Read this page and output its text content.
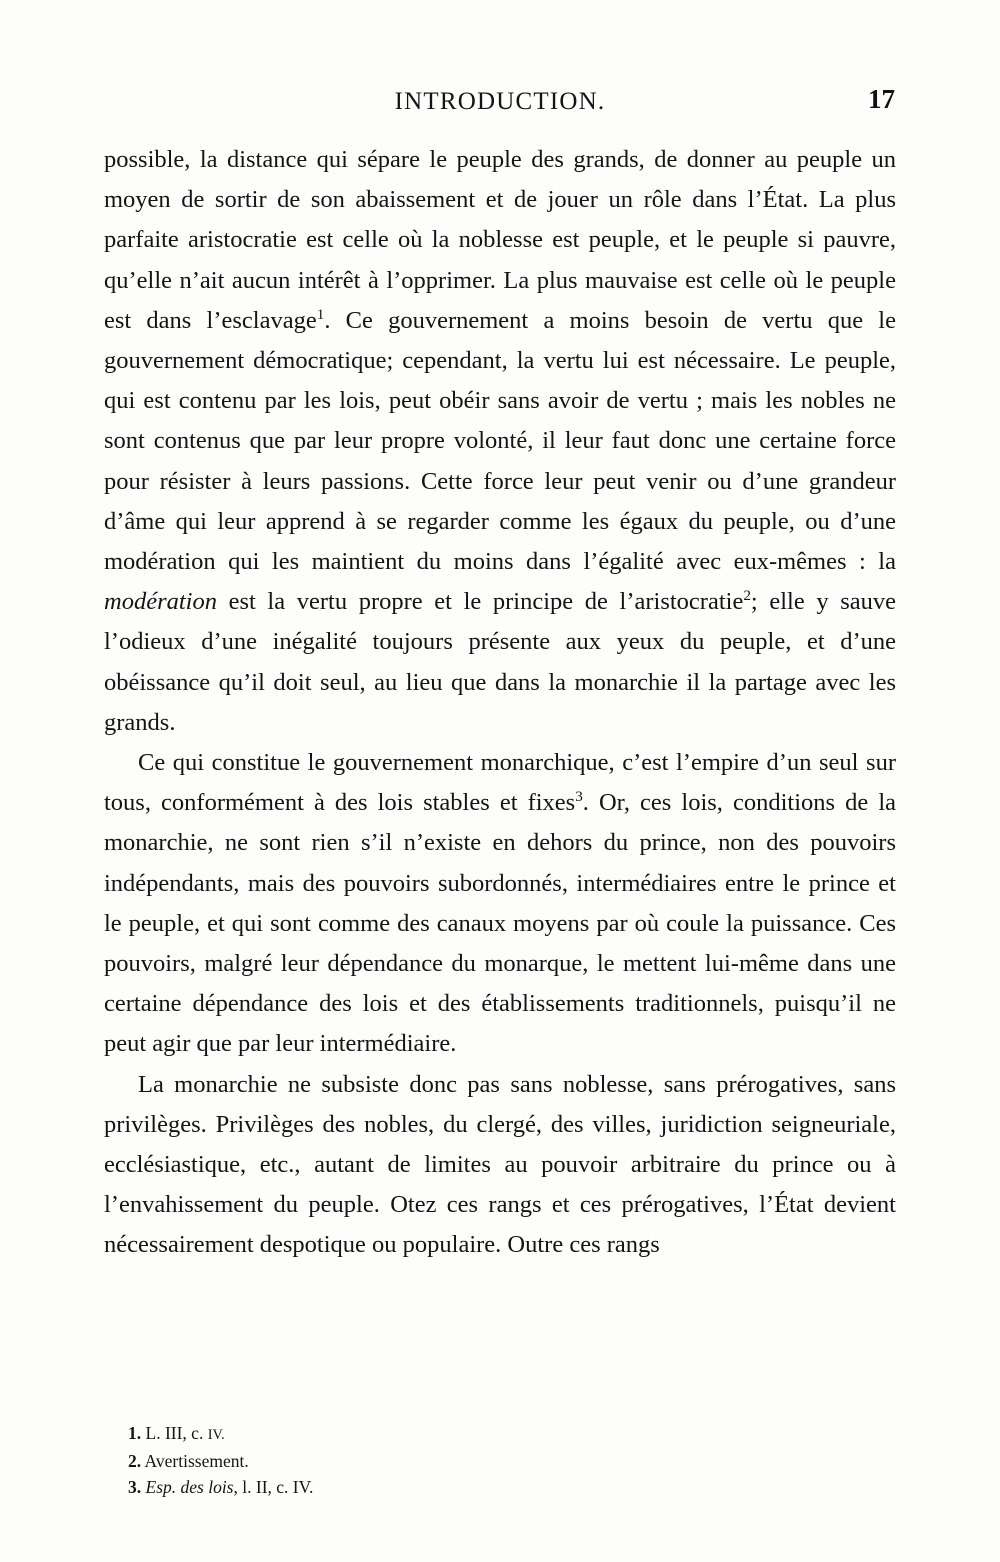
INTRODUCTION.	17

possible, la distance qui sépare le peuple des grands, de donner au peuple un moyen de sortir de son abaissement et de jouer un rôle dans l’État. La plus parfaite aristocratie est celle où la noblesse est peuple, et le peuple si pauvre, qu’elle n’ait aucun intérêt à l’opprimer. La plus mauvaise est celle où le peuple est dans l’esclavage$^1$. Ce gouvernement a moins besoin de vertu que le gouvernement démocratique; cependant, la vertu lui est nécessaire. Le peuple, qui est contenu par les lois, peut obéir sans avoir de vertu ; mais les nobles ne sont contenus que par leur propre volonté, il leur faut donc une certaine force pour résister à leurs passions. Cette force leur peut venir ou d’une grandeur d’âme qui leur apprend à se regarder comme les égaux du peuple, ou d’une modération qui les maintient du moins dans l’égalité avec eux-mêmes : la modération est la vertu propre et le principe de l’aristocratie$^2$; elle y sauve l’odieux d’une inégalité toujours présente aux yeux du peuple, et d’une obéissance qu’il doit seul, au lieu que dans la monarchie il la partage avec les grands.

Ce qui constitue le gouvernement monarchique, c’est l’empire d’un seul sur tous, conformément à des lois stables et fixes$^3$. Or, ces lois, conditions de la monarchie, ne sont rien s’il n’existe en dehors du prince, non des pouvoirs indépendants, mais des pouvoirs subordonnés, intermédiaires entre le prince et le peuple, et qui sont comme des canaux moyens par où coule la puissance. Ces pouvoirs, malgré leur dépendance du monarque, le mettent lui-même dans une certaine dépendance des lois et des établissements traditionnels, puisqu’il ne peut agir que par leur intermédiaire.

La monarchie ne subsiste donc pas sans noblesse, sans prérogatives, sans privilèges. Privilèges des nobles, du clergé, des villes, juridiction seigneuriale, ecclésiastique, etc., autant de limites au pouvoir arbitraire du prince ou à l’envahissement du peuple. Otez ces rangs et ces prérogatives, l’État devient nécessairement despotique ou populaire. Outre ces rangs

1. L. III, c. IV.

2. Avertissement.

3. Esp. des lois, l. II, c. IV.
